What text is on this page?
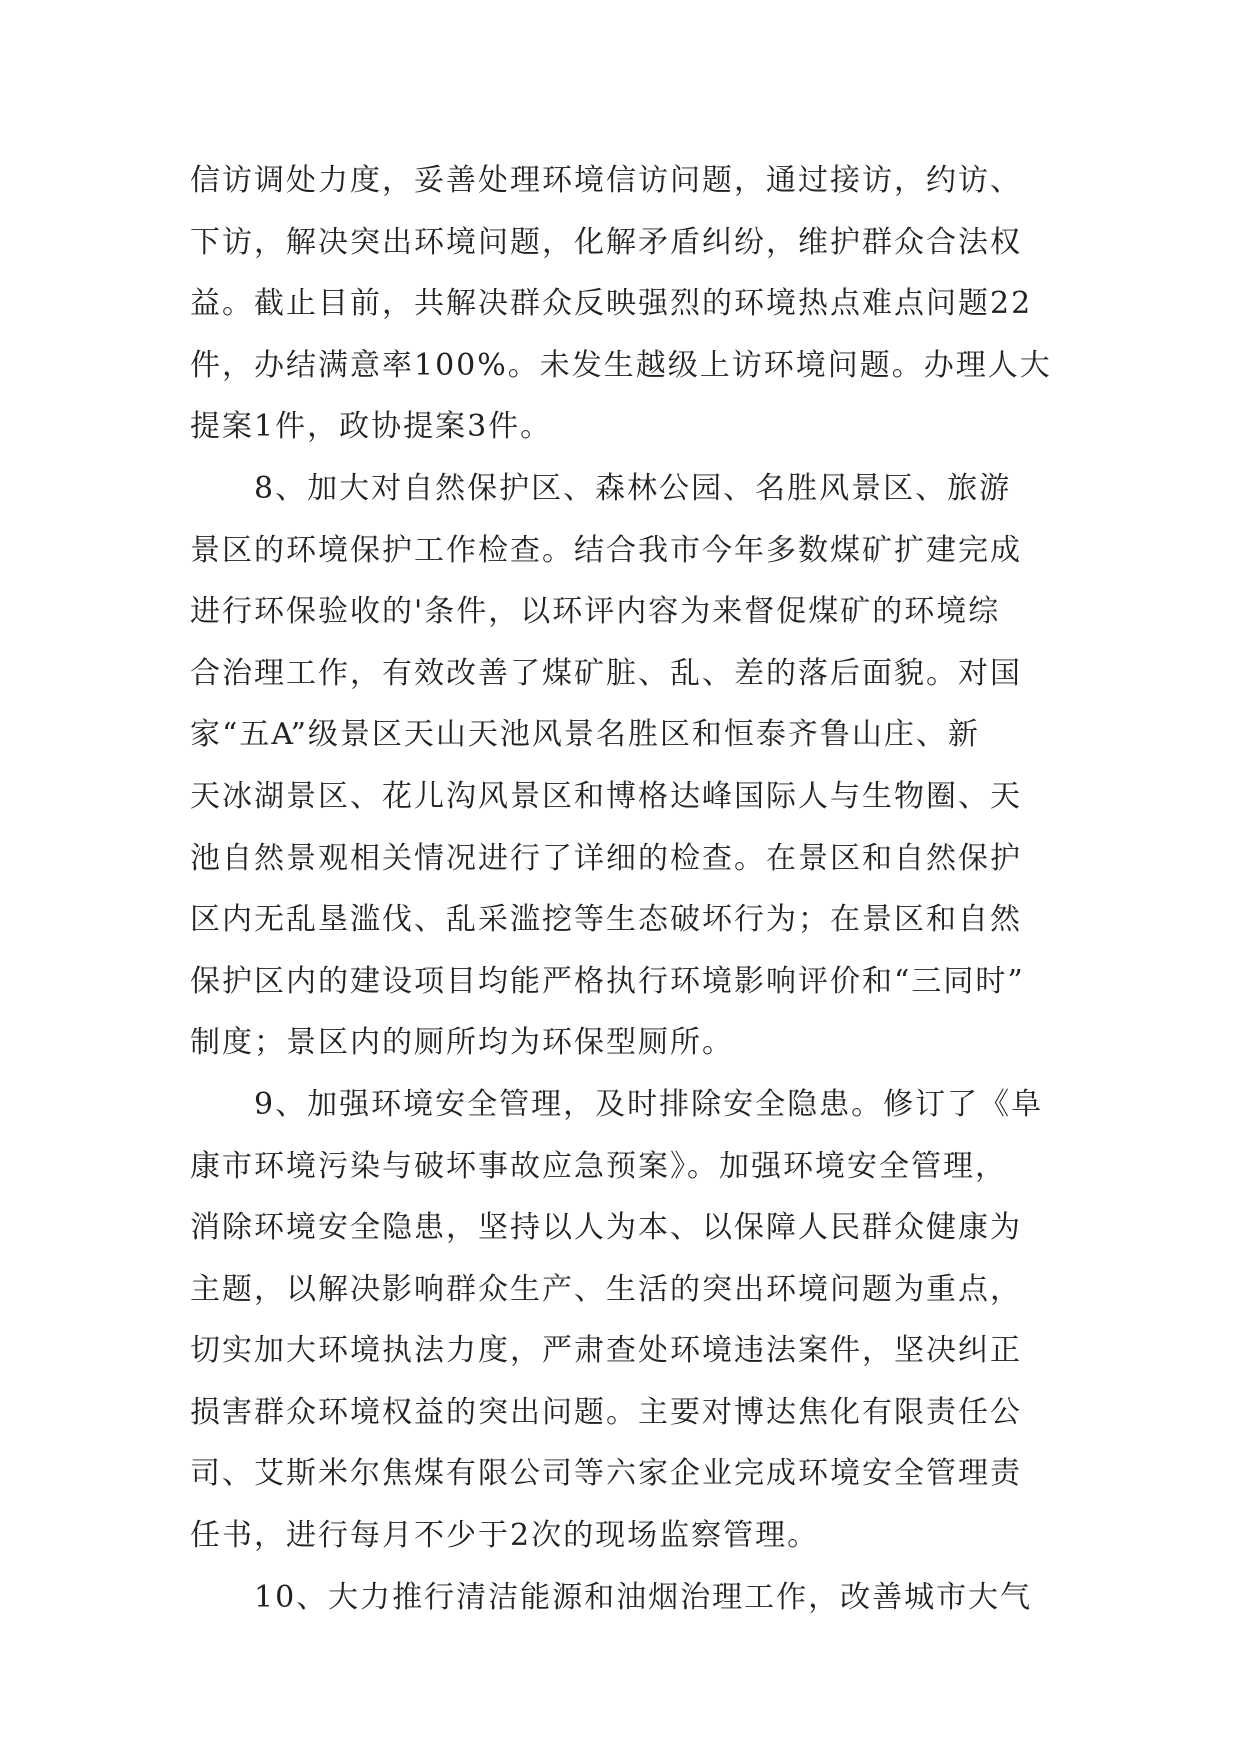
信访调处力度，妥善处理环境信访问题，通过接访，约访、
下访，解决突出环境问题，化解矛盾纠纷，维护群众合法权
益。截止目前，共解决群众反映强烈的环境热点难点问题22
件，办结满意率100%。未发生越级上访环境问题。办理人大
提案1件，政协提案3件。
8、加大对自然保护区、森林公园、名胜风景区、旅游
景区的环境保护工作检查。结合我市今年多数煤矿扩建完成
进行环保验收的'条件，以环评内容为来督促煤矿的环境综
合治理工作，有效改善了煤矿脏、乱、差的落后面貌。对国
家“五A”级景区天山天池风景名胜区和恒泰齐鲁山庄、新
天冰湖景区、花儿沟风景区和博格达峰国际人与生物圈、天
池自然景观相关情况进行了详细的检查。在景区和自然保护
区内无乱垦滥伐、乱采滥挖等生态破坏行为；在景区和自然
保护区内的建设项目均能严格执行环境影响评价和“三同时”
制度；景区内的厕所均为环保型厕所。
9、加强环境安全管理，及时排除安全隐患。修订了《阜
康市环境污染与破坏事故应急预案》。加强环境安全管理，
消除环境安全隐患，坚持以人为本、以保障人民群众健康为
主题，以解决影响群众生产、生活的突出环境问题为重点，
切实加大环境执法力度，严肃查处环境违法案件，坚决纠正
损害群众环境权益的突出问题。主要对博达焦化有限责任公
司、艾斯米尔焦煤有限公司等六家企业完成环境安全管理责
任书，进行每月不少于2次的现场监察管理。
10、大力推行清洁能源和油烟治理工作，改善城市大气
